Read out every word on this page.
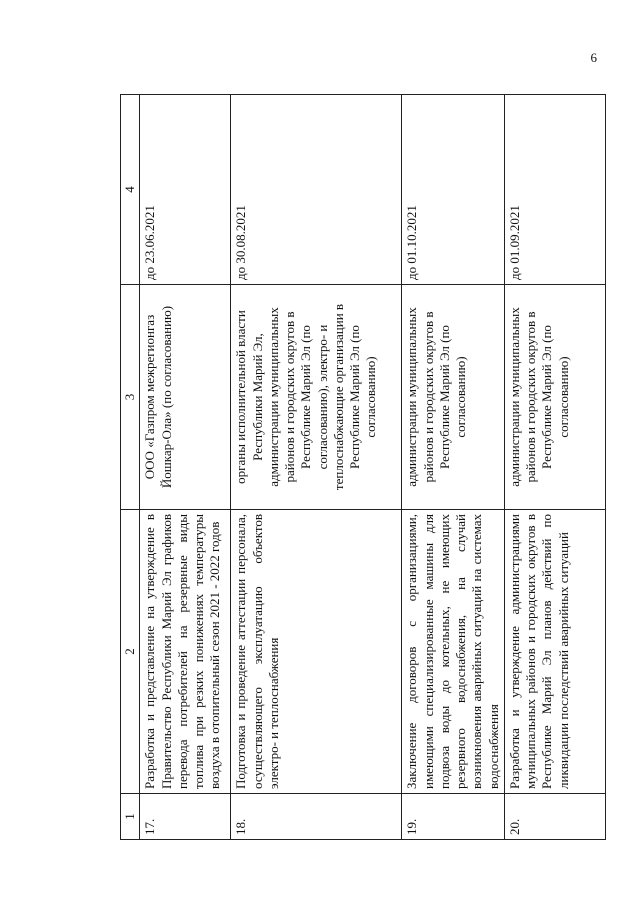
6
1	2	3	4
17.	Разработка и представление на утверждение в Правительство Республики Марий Эл графиков перевода потребителей на резервные виды топлива при резких понижениях температуры воздуха в отопительный сезон 2021 - 2022 годов	ООО «Газпром межрегионгаз Йошкар-Ола» (по согласованию)	до 23.06.2021
18.	Подготовка и проведение аттестации персонала, осуществляющего эксплуатацию объектов электро- и теплоснабжения	органы исполнительной власти Республики Марий Эл, администрации муниципальных районов и городских округов в Республике Марий Эл (по согласованию), электро- и теплоснабжающие организации в Республике Марий Эл (по согласованию)	до 30.08.2021
19.	Заключение договоров с организациями, имеющими специализированные машины для подвоза воды до котельных, не имеющих резервного водоснабжения, на случай возникновения аварийных ситуаций на системах водоснабжения	администрации муниципальных районов и городских округов в Республике Марий Эл (по согласованию)	до 01.10.2021
20.	Разработка и утверждение администрациями муниципальных районов и городских округов в Республике Марий Эл планов действий по ликвидации последствий аварийных ситуаций	администрации муниципальных районов и городских округов в Республике Марий Эл (по согласованию)	до 01.09.2021
